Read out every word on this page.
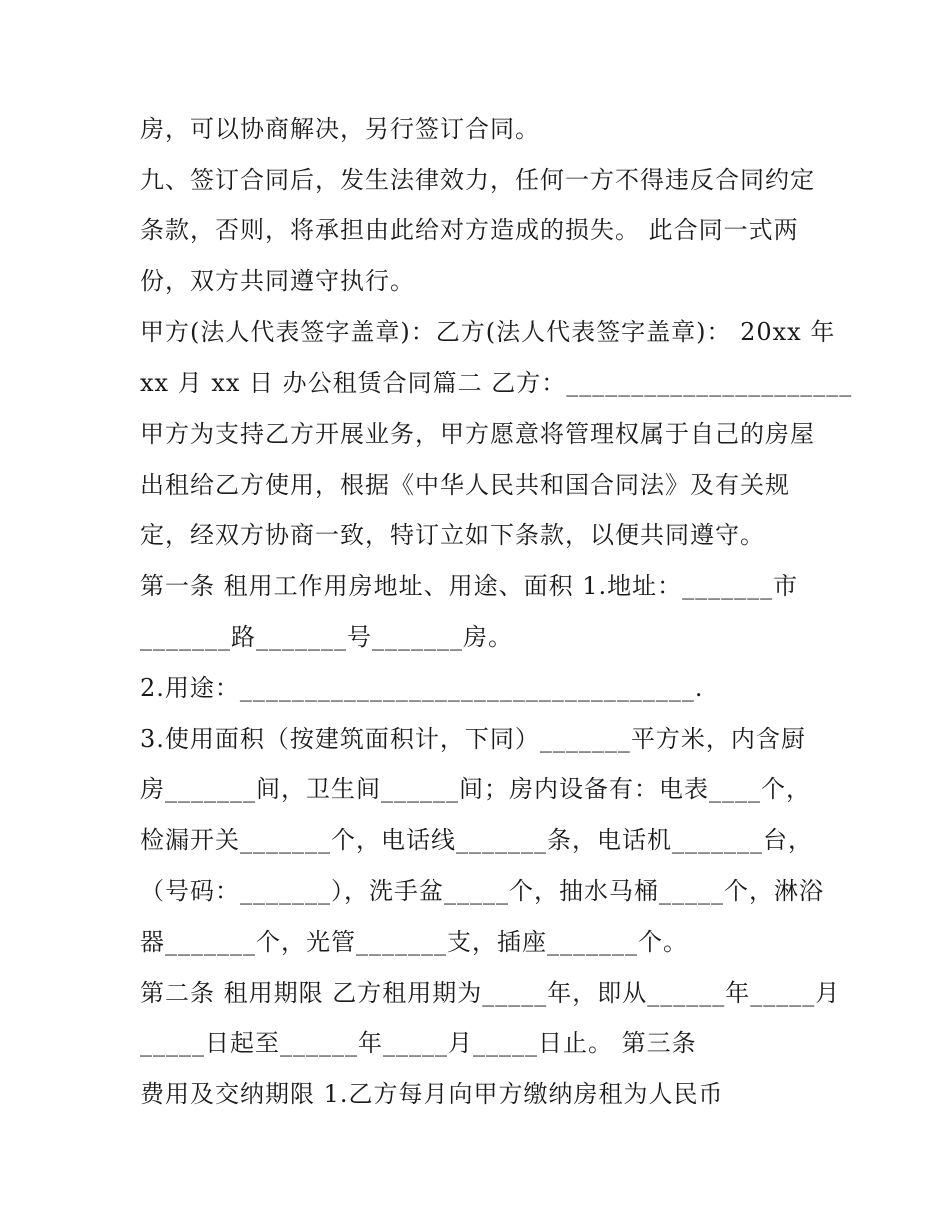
房，可以协商解决，另行签订合同。
九、签订合同后，发生法律效力，任何一方不得违反合同约定
条款，否则，将承担由此给对方造成的损失。 此合同一式两
份，双方共同遵守执行。
甲方(法人代表签字盖章)：乙方(法人代表签字盖章)： 20xx 年
xx 月 xx 日 办公租赁合同篇二 乙方：______________________
甲方为支持乙方开展业务，甲方愿意将管理权属于自己的房屋
出租给乙方使用，根据《中华人民共和国合同法》及有关规
定，经双方协商一致，特订立如下条款，以便共同遵守。
第一条 租用工作用房地址、用途、面积 1.地址：_______市
_______路_______号_______房。
2.用途：___________________________________.
3.使用面积（按建筑面积计，下同）_______平方米，内含厨
房_______间，卫生间______间；房内设备有：电表____个，
检漏开关_______个，电话线_______条，电话机_______台，
（号码：_______），洗手盆_____个，抽水马桶_____个，淋浴
器_______个，光管_______支，插座_______个。
第二条 租用期限 乙方租用期为_____年，即从______年_____月
_____日起至______年_____月_____日止。 第三条
费用及交纳期限 1.乙方每月向甲方缴纳房租为人民币
